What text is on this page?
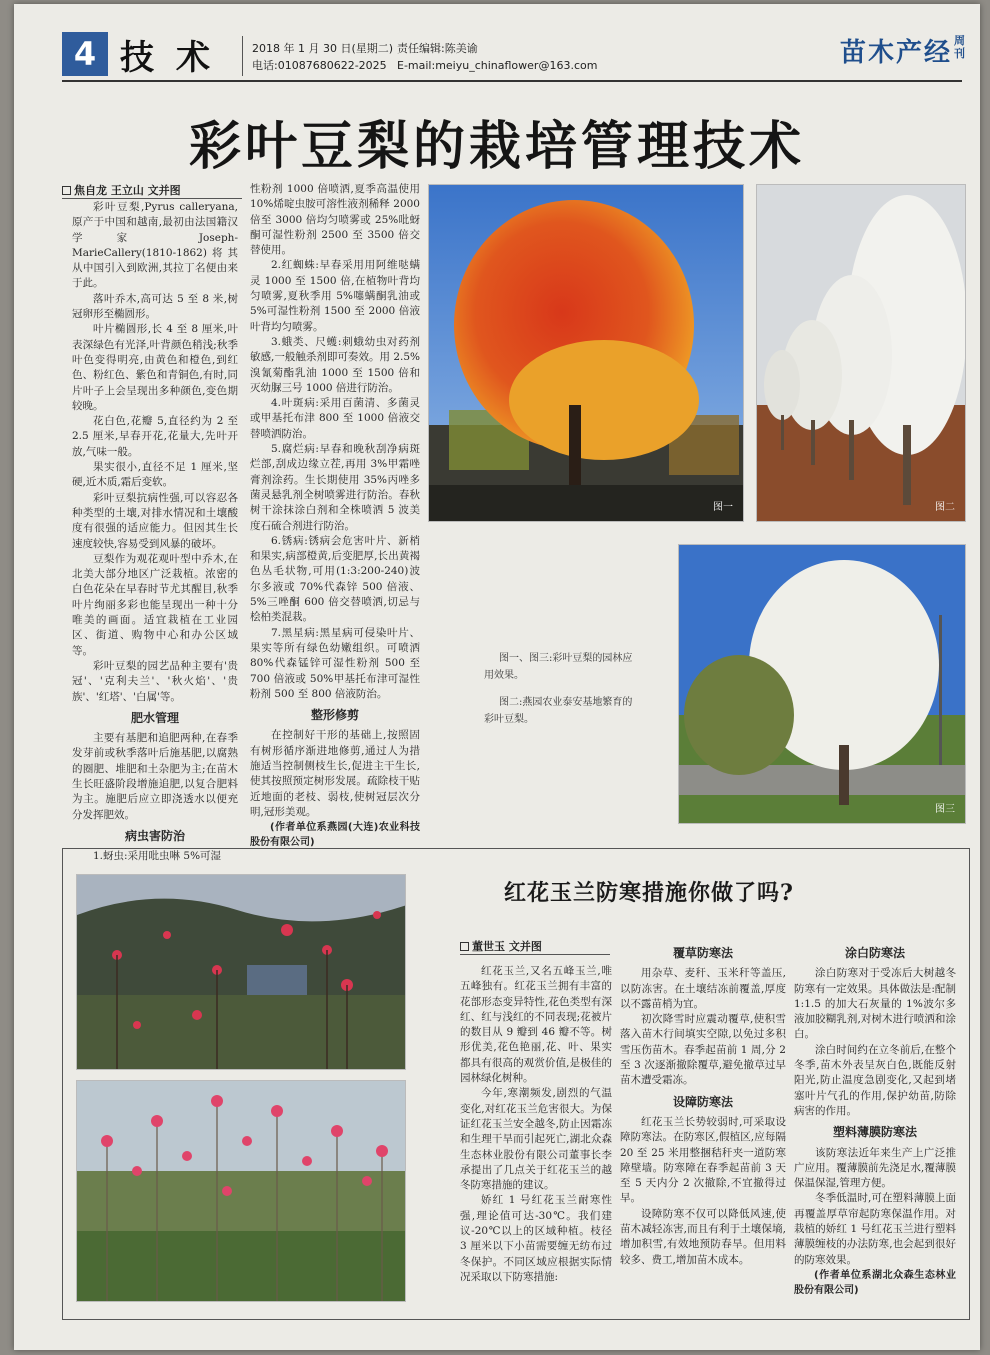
4 技术 2018 年 1 月 30 日(星期二)
电话:01087680622-2025
责任编辑:陈美谕
E-mail:meiyu_chinaflower@163.com	苗木产经 周刊
彩叶豆梨的栽培管理技术
焦自龙 王立山 文并图

彩叶豆梨,Pyrus calleryana,原产于中国和越南,最初由法国籍汉学家 Joseph-MarieCallery(1810-1862)将其从中国引入到欧洲,其拉丁名便由来于此。

落叶乔木,高可达 5 至 8 米,树冠卵形至椭圆形。

叶片椭圆形,长 4 至 8 厘米,叶表深绿色有光泽,叶背颜色稍浅;秋季叶色变得明亮,由黄色和橙色,到红色、粉红色、紫色和青铜色,有时,同片叶子上会呈现出多种颜色,变色期较晚。

花白色,花瓣 5,直径约为 2 至 2.5 厘米,早春开花,花量大,先叶开放,气味一般。

果实很小,直径不足 1 厘米,坚硬,近木质,霜后变软。

彩叶豆梨抗病性强,可以容忍各种类型的土壤,对排水情况和土壤酸度有很强的适应能力。但因其生长速度较快,容易受到风暴的破坏。

豆梨作为观花观叶型中乔木,在北美大部分地区广泛栽植。浓密的白色花朵在早春时节尤其醒目,秋季叶片绚丽多彩也能呈现出一种十分唯美的画面。适宜栽植在工业园区、街道、购物中心和办公区域等。

彩叶豆梨的园艺品种主要有'贵冠'、'克利夫兰'、'秋火焰'、'贵族'、'红塔'、'白属'等。

肥水管理

主要有基肥和追肥两种,在春季发芽前或秋季落叶后施基肥,以腐熟的圈肥、堆肥和土杂肥为主;在苗木生长旺盛阶段增施追肥,以复合肥料为主。施肥后应立即浇透水以便充分发挥肥效。

病虫害防治

1.蚜虫:采用吡虫啉 5%可湿

性粉剂 1000 倍喷洒,夏季高温使用 10%烯啶虫胺可溶性液剂稀释 2000 倍至 3000 倍均匀喷雾或 25%吡蚜酮可湿性粉剂 2500 至 3500 倍交替使用。

2.红蜘蛛:早春采用用阿维哒螨灵 1000 至 1500 倍,在植物叶背均匀喷雾,夏秋季用 5%噻螨酮乳油或 5%可湿性粉剂 1500 至 2000 倍液叶背均匀喷雾。

3.蛾类、尺蠖:刺蛾幼虫对药剂敏感,一般触杀剂即可奏效。用 2.5%溴氰菊酯乳油 1000 至 1500 倍和灭幼脲三号 1000 倍进行防治。

4.叶斑病:采用百菌清、多菌灵或甲基托布津 800 至 1000 倍液交替喷洒防治。

5.腐烂病:早春和晚秋刮净病斑烂部,刮成边缘立茬,再用 3%甲霜唑膏剂涂药。生长期使用 35%丙唑多菌灵悬乳剂全树喷雾进行防治。春秋树干涂抹涂白剂和全株喷洒 5 波美度石硫合剂进行防治。

6.锈病:锈病会危害叶片、新梢和果实,病部橙黄,后变肥厚,长出黄褐色丛毛状物,可用(1:3:200-240)波尔多液或 70%代森锌 500 倍液、5%三唑酮 600 倍交替喷洒,切忌与桧柏类混栽。

7.黑星病:黑星病可侵染叶片、果实等所有绿色幼嫩组织。可喷洒 80%代森锰锌可湿性粉剂 500 至 700 倍液或 50%甲基托布津可湿性粉剂 500 至 800 倍液防治。

整形修剪

在控制好干形的基础上,按照固有树形循序渐进地修剪,通过人为措施适当控制侧枝生长,促进主干生长,使其按照预定树形发展。疏除枝干贴近地面的老枝、弱枝,使树冠层次分明,冠形美观。

(作者单位系燕园(大连)农业科技股份有限公司)
图一	图二

图一、图三:彩叶豆梨的园林应用效果。

图二:燕园农业泰安基地繁育的彩叶豆梨。

图三
红花玉兰防寒措施你做了吗?
董世玉 文并图

红花玉兰,又名五峰玉兰,唯五峰独有。红花玉兰拥有丰富的花部形态变异特性,花色类型有深红、红与浅红的不同表现;花被片的数目从 9 瓣到 46 瓣不等。树形优美,花色艳丽,花、叶、果实都具有很高的观赏价值,是极佳的园林绿化树种。

今年,寒潮频发,剧烈的气温变化,对红花玉兰危害很大。为保证红花玉兰安全越冬,防止因霜冻和生理干旱而引起死亡,湖北众森生态林业股份有限公司董事长李承提出了几点关于红花玉兰的越冬防寒措施的建议。

娇红 1 号红花玉兰耐寒性强,理论值可达-30℃。我们建议-20℃以上的区域种植。枝径 3 厘米以下小苗需要缠无纺布过冬保护。不同区域应根据实际情况采取以下防寒措施:

覆草防寒法

用杂草、麦秆、玉米秆等盖压,以防冻害。在土壤结冻前覆盖,厚度以不露苗梢为宜。

初次降雪时应震动覆草,使积雪落入苗木行间填实空隙,以免过多积雪压伤苗木。春季起苗前 1 周,分 2 至 3 次逐渐撤除覆草,避免撤草过早苗木遭受霜冻。

设障防寒法

红花玉兰长势较弱时,可采取设障防寒法。在防寒区,假植区,应每隔 20 至 25 米用整捆秸秆夹一道防寒障壁墙。防寒障在春季起苗前 3 天至 5 天内分 2 次撤除,不宜撤得过早。

设障防寒不仅可以降低风速,使苗木减轻冻害,而且有利于土壤保墒,增加积雪,有效地预防春旱。但用料较多、费工,增加苗木成本。

涂白防寒法

涂白防寒对于受冻后大树越冬防寒有一定效果。具体做法是:配制 1:1.5 的加大石灰量的 1%波尔多液加胶糊乳剂,对树木进行喷洒和涂白。

涂白时间约在立冬前后,在整个冬季,苗木外表呈灰白色,既能反射阳光,防止温度急剧变化,又起到堵塞叶片气孔的作用,保护幼苗,防除病害的作用。

塑料薄膜防寒法

该防寒法近年来生产上广泛推广应用。覆薄膜前先浇足水,覆薄膜保温保湿,管理方便。

冬季低温时,可在塑料薄膜上面再覆盖厚草帘起防寒保温作用。对栽植的娇红 1 号红花玉兰进行塑料薄膜缠枝的办法防寒,也会起到很好的防寒效果。

(作者单位系湖北众森生态林业股份有限公司)
